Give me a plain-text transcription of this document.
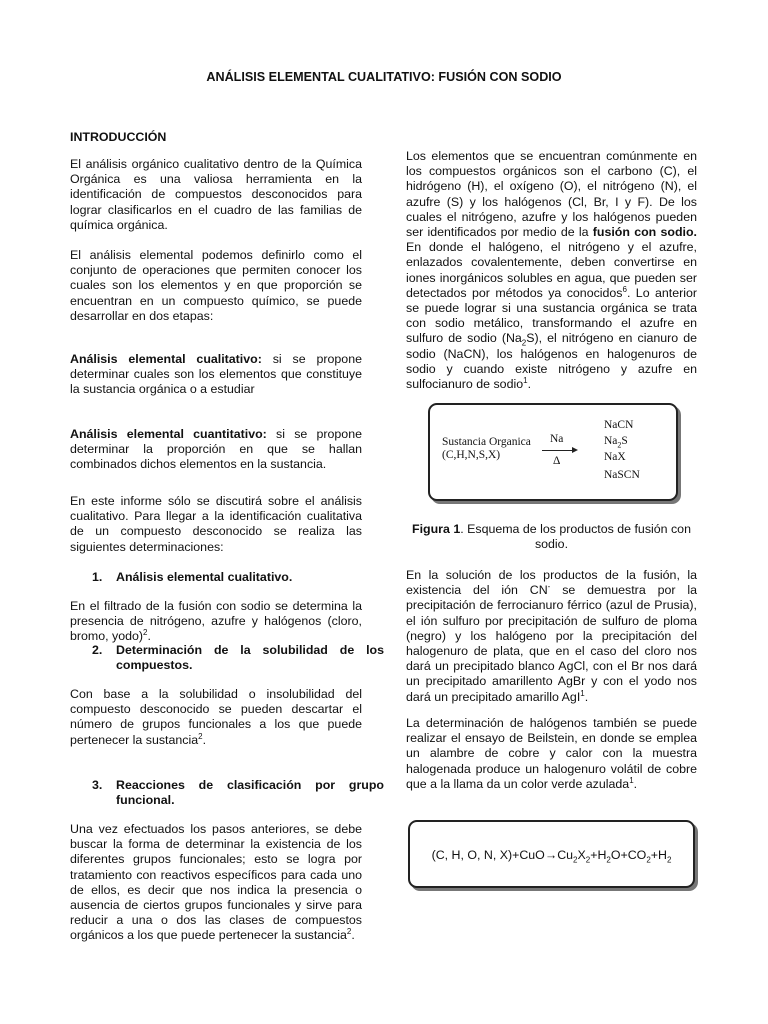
ANÁLISIS ELEMENTAL CUALITATIVO: FUSIÓN CON SODIO
INTRODUCCIÓN

El análisis orgánico cualitativo dentro de la Química Orgánica es una valiosa herramienta en la identificación de compuestos desconocidos para lograr clasificarlos en el cuadro de las familias de química orgánica.

El análisis elemental podemos definirlo como el conjunto de operaciones que permiten conocer los cuales son los elementos y en que proporción se encuentran en un compuesto químico, se puede desarrollar en dos etapas:

Análisis elemental cualitativo: si se propone determinar cuales son los elementos que constituye la sustancia orgánica o a estudiar

Análisis elemental cuantitativo: si se propone determinar la proporción en que se hallan combinados dichos elementos en la sustancia.

En este informe sólo se discutirá sobre el análisis cualitativo. Para llegar a la identificación cualitativa de un compuesto desconocido se realiza las siguientes determinaciones:

1.	Análisis elemental cualitativo.

En el filtrado de la fusión con sodio se determina la presencia de nitrógeno, azufre y halógenos (cloro, bromo, yodo)$^2$.

2.	Determinación de la solubilidad de los compuestos.

Con base a la solubilidad o insolubilidad del compuesto desconocido se pueden descartar el número de grupos funcionales a los que puede pertenecer la sustancia$^2$.

3.	Reacciones de clasificación por grupo funcional.

Una vez efectuados los pasos anteriores, se debe buscar la forma de determinar la existencia de los diferentes grupos funcionales; esto se logra por tratamiento con reactivos específicos para cada uno de ellos, es decir que nos indica la presencia o ausencia de ciertos grupos funcionales y sirve para reducir a una o dos las clases de compuestos orgánicos a los que puede pertenecer la sustancia$^2$.

Los elementos que se encuentran comúnmente en los compuestos orgánicos son el carbono (C), el hidrógeno (H), el oxígeno (O), el nitrógeno (N), el azufre (S) y los halógenos (Cl, Br, I y F). De los cuales el nitrógeno, azufre y los halógenos pueden ser identificados por medio de la fusión con sodio. En donde el halógeno, el nitrógeno y el azufre, enlazados covalentemente, deben convertirse en iones inorgánicos solubles en agua, que pueden ser detectados por métodos ya conocidos$^6$. Lo anterior se puede lograr si una sustancia orgánica se trata con sodio metálico, transformando el azufre en sulfuro de sodio $(Na_2S)$, el nitrógeno en cianuro de sodio (NaCN), los halógenos en halogenuros de sodio y cuando existe nitrógeno y azufre en sulfocianuro de sodio$^1$.

Sustancia Organica
(C,H,N,S,X)
Na
Δ
NaCN
$Na_2S$
NaX
NaSCN

Figura 1. Esquema de los productos de fusión con sodio.

En la solución de los productos de la fusión, la existencia del ión CN- se demuestra por la precipitación de ferrocianuro férrico (azul de Prusia), el ión sulfuro por precipitación de sulfuro de ploma (negro) y los halógeno por la precipitación del halogenuro de plata, que en el caso del cloro nos dará un precipitado blanco AgCl, con el Br nos dará un precipitado amarillento AgBr y con el yodo nos dará un precipitado amarillo AgI$^1$.

La determinación de halógenos también se puede realizar el ensayo de Beilstein, en donde se emplea un alambre de cobre y calor con la muestra halogenada produce un halogenuro volátil de cobre que a la llama da un color verde azulada$^1$.

(C, H, O, N, $X)+CuO\to Cu_2X_2+H_2O+CO_2+H_2$
